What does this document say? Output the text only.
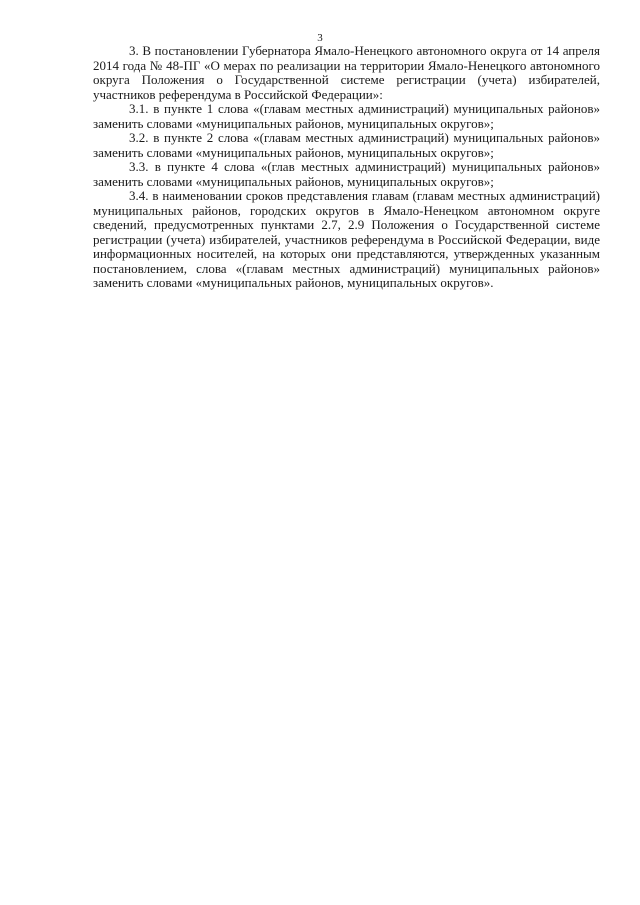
3

3. В постановлении Губернатора Ямало-Ненецкого автономного округа от 14 апреля 2014 года № 48-ПГ «О мерах по реализации на территории Ямало-Ненецкого автономного округа Положения о Государственной системе регистрации (учета) избирателей, участников референдума в Российской Федерации»:

3.1. в пункте 1 слова «(главам местных администраций) муниципальных районов» заменить словами «муниципальных районов, муниципальных округов»;

3.2. в пункте 2 слова «(главам местных администраций) муниципальных районов» заменить словами «муниципальных районов, муниципальных округов»;

3.3. в пункте 4 слова «(глав местных администраций) муниципальных районов» заменить словами «муниципальных районов, муниципальных округов»;

3.4. в наименовании сроков представления главам (главам местных администраций) муниципальных районов, городских округов в Ямало-Ненецком автономном округе сведений, предусмотренных пунктами 2.7, 2.9 Положения о Государственной системе регистрации (учета) избирателей, участников референдума в Российской Федерации, виде информационных носителей, на которых они представляются, утвержденных указанным постановлением, слова «(главам местных администраций) муниципальных районов» заменить словами «муниципальных районов, муниципальных округов».
